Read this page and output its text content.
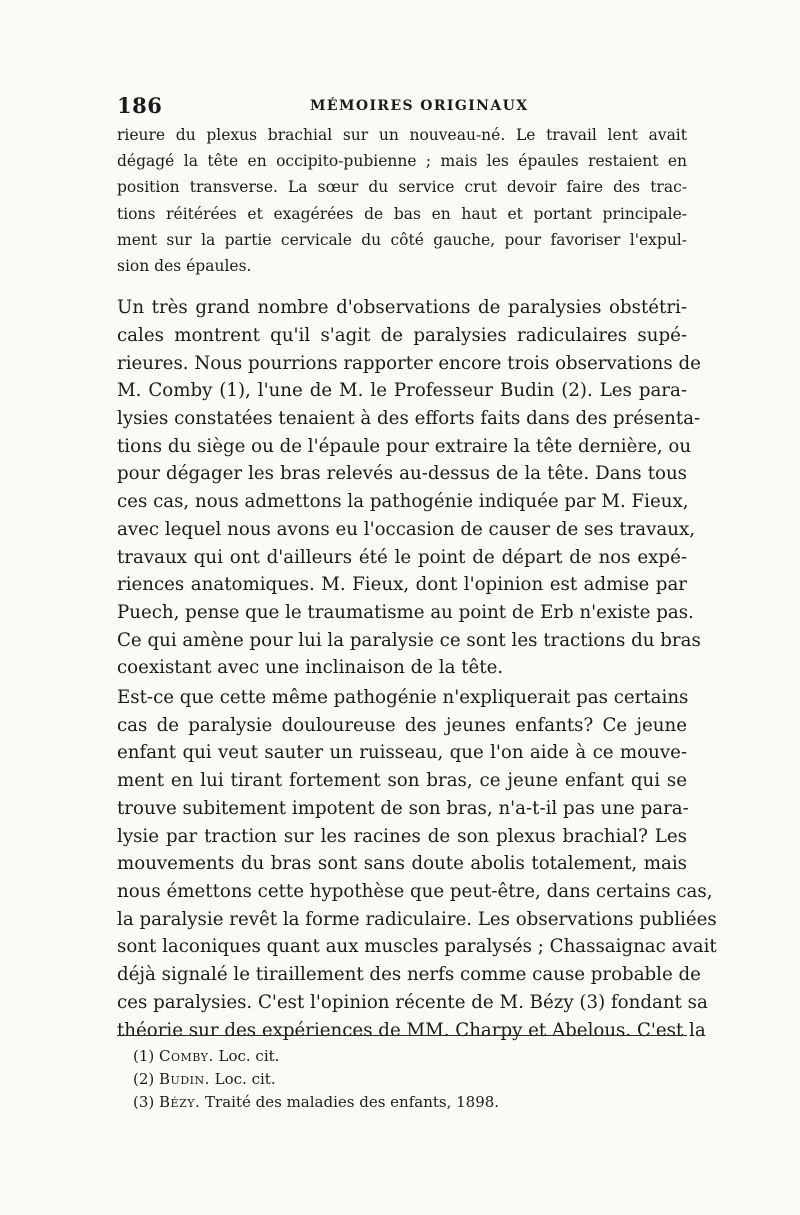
186	MÉMOIRES ORIGINAUX
rieure du plexus brachial sur un nouveau-né. Le travail lent avait
dégagé la tête en occipito-pubienne ; mais les épaules restaient en
position transverse. La sœur du service crut devoir faire des trac-
tions réitérées et exagérées de bas en haut et portant principale-
ment sur la partie cervicale du côté gauche, pour favoriser l'expul-
sion des épaules.
Un très grand nombre d'observations de paralysies obstétri-
cales montrent qu'il s'agit de paralysies radiculaires supé-
rieures. Nous pourrions rapporter encore trois observations de
M. Comby (1), l'une de M. le Professeur Budin (2). Les para-
lysies constatées tenaient à des efforts faits dans des présenta-
tions du siège ou de l'épaule pour extraire la tête dernière, ou
pour dégager les bras relevés au-dessus de la tête. Dans tous
ces cas, nous admettons la pathogénie indiquée par M. Fieux,
avec lequel nous avons eu l'occasion de causer de ses travaux,
travaux qui ont d'ailleurs été le point de départ de nos expé-
riences anatomiques. M. Fieux, dont l'opinion est admise par
Puech, pense que le traumatisme au point de Erb n'existe pas.
Ce qui amène pour lui la paralysie ce sont les tractions du bras
coexistant avec une inclinaison de la tête.
Est-ce que cette même pathogénie n'expliquerait pas certains
cas de paralysie douloureuse des jeunes enfants? Ce jeune
enfant qui veut sauter un ruisseau, que l'on aide à ce mouve-
ment en lui tirant fortement son bras, ce jeune enfant qui se
trouve subitement impotent de son bras, n'a-t-il pas une para-
lysie par traction sur les racines de son plexus brachial? Les
mouvements du bras sont sans doute abolis totalement, mais
nous émettons cette hypothèse que peut-être, dans certains cas,
la paralysie revêt la forme radiculaire. Les observations publiées
sont laconiques quant aux muscles paralysés ; Chassaignac avait
déjà signalé le tiraillement des nerfs comme cause probable de
ces paralysies. C'est l'opinion récente de M. Bézy (3) fondant sa
théorie sur des expériences de MM. Charpy et Abelous. C'est la
(1) Comby. Loc. cit.
(2) Budin. Loc. cit.
(3) Bézy. Traité des maladies des enfants, 1898.
